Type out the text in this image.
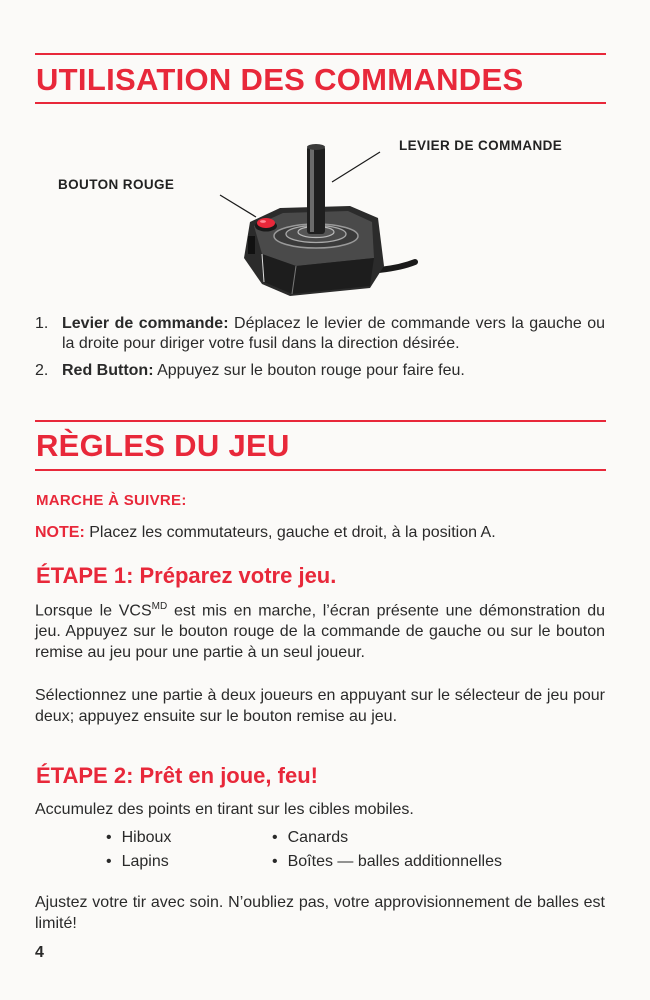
UTILISATION DES COMMANDES
LEVIER DE COMMANDE
BOUTON ROUGE
1. Levier de commande: Déplacez le levier de commande vers la gauche ou la droite pour diriger votre fusil dans la direction désirée.
2. Red Button: Appuyez sur le bouton rouge pour faire feu.
RÈGLES DU JEU
MARCHE À SUIVRE:

NOTE: Placez les commutateurs, gauche et droit, à la position A.

ÉTAPE 1: Préparez votre jeu.

Lorsque le $VCS^{MD}$ est mis en marche, l’écran présente une démonstration du jeu. Appuyez sur le bouton rouge de la commande de gauche ou sur le bouton remise au jeu pour une partie à un seul joueur.

Sélectionnez une partie à deux joueurs en appuyant sur le sélecteur de jeu pour deux; appuyez ensuite sur le bouton remise au jeu.

ÉTAPE 2: Prêt en joue, feu!

Accumulez des points en tirant sur les cibles mobiles.

• Hiboux	• Canards
• Lapins	• Boîtes — balles additionnelles

Ajustez votre tir avec soin. N’oubliez pas, votre approvisionnement de balles est limité!

4
